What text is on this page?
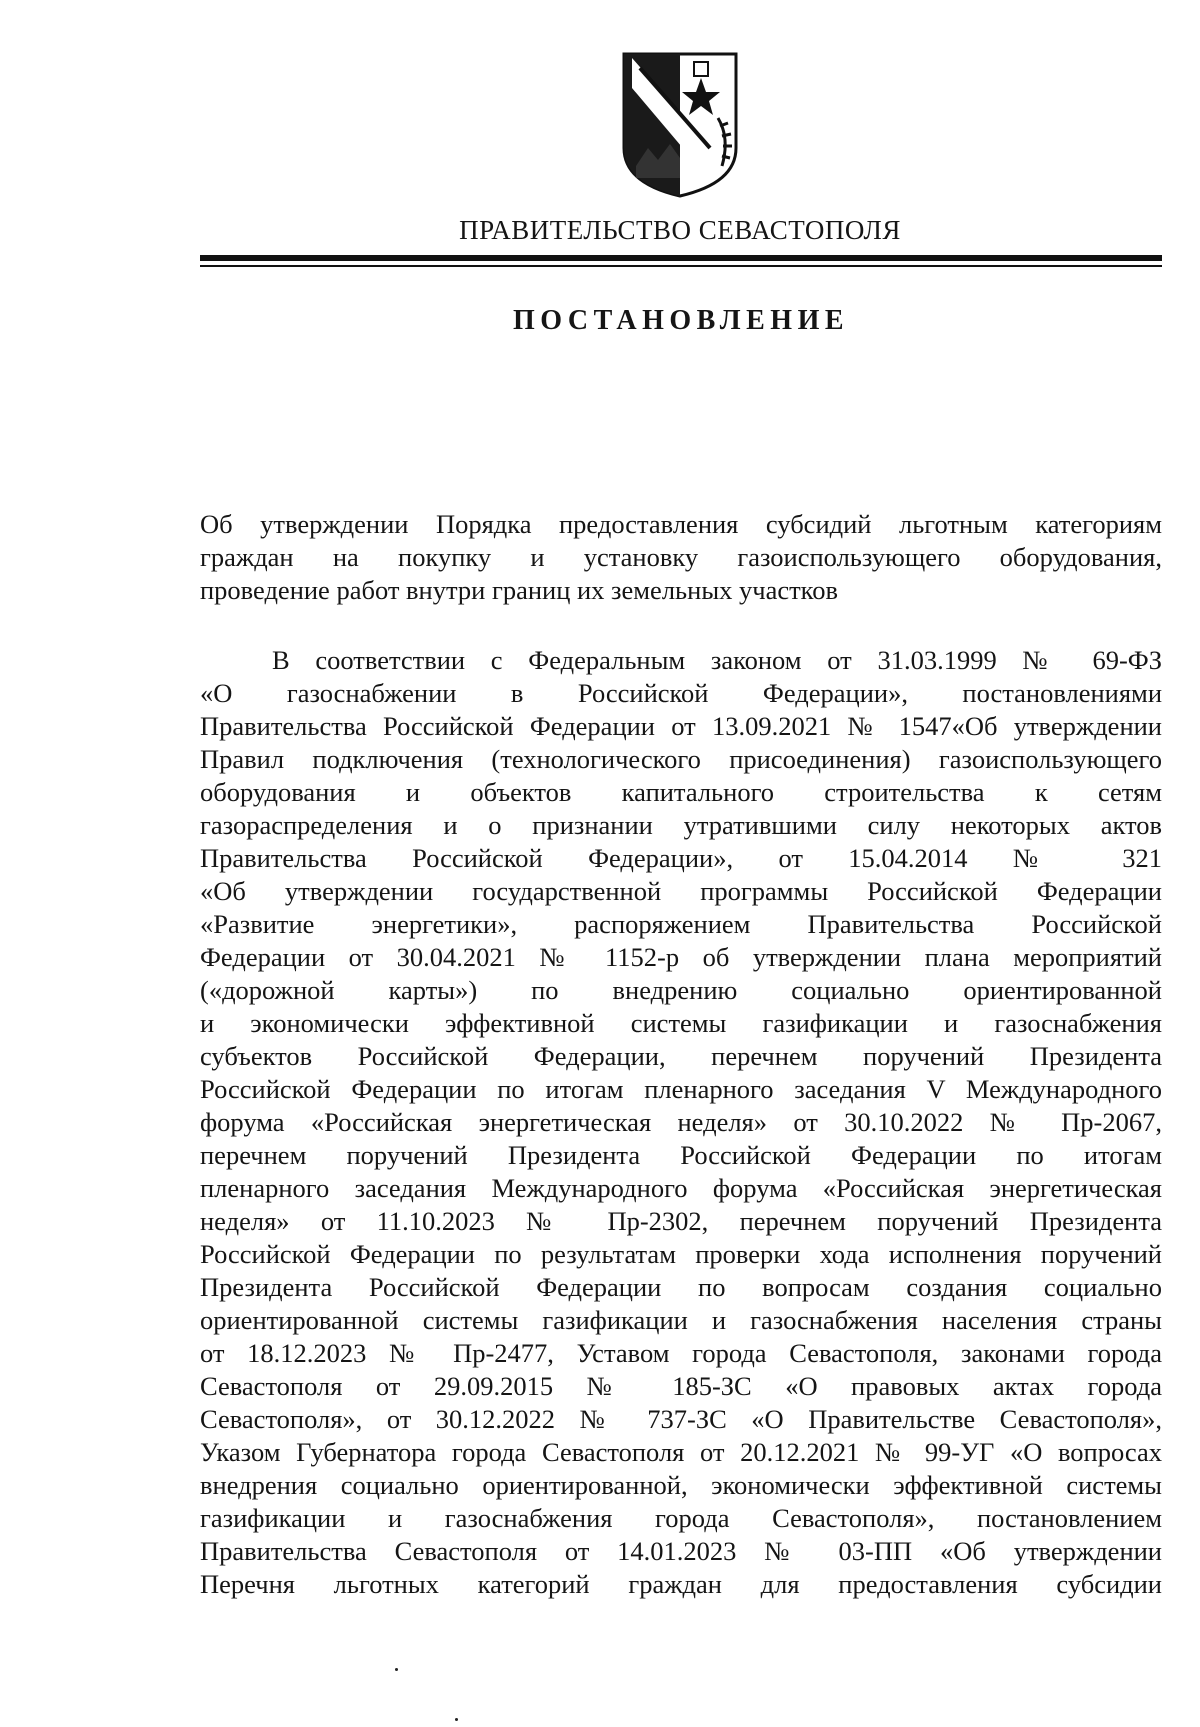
ПРАВИТЕЛЬСТВО СЕВАСТОПОЛЯ
ПОСТАНОВЛЕНИЕ
Об утверждении Порядка предоставления субсидий льготным категориям
граждан на покупку и установку газоиспользующего оборудования,
проведение работ внутри границ их земельных участков
В соответствии с Федеральным законом от 31.03.1999 № 69-ФЗ
«О газоснабжении в Российской Федерации», постановлениями
Правительства Российской Федерации от 13.09.2021 № 1547«Об утверждении
Правил подключения (технологического присоединения) газоиспользующего
оборудования и объектов капитального строительства к сетям
газораспределения и о признании утратившими силу некоторых актов
Правительства Российской Федерации», от 15.04.2014 № 321
«Об утверждении государственной программы Российской Федерации
«Развитие энергетики», распоряжением Правительства Российской
Федерации от 30.04.2021 № 1152-р об утверждении плана мероприятий
(«дорожной карты») по внедрению социально ориентированной
и экономически эффективной системы газификации и газоснабжения
субъектов Российской Федерации, перечнем поручений Президента
Российской Федерации по итогам пленарного заседания V Международного
форума «Российская энергетическая неделя» от 30.10.2022 № Пр-2067,
перечнем поручений Президента Российской Федерации по итогам
пленарного заседания Международного форума «Российская энергетическая
неделя» от 11.10.2023 № Пр-2302, перечнем поручений Президента
Российской Федерации по результатам проверки хода исполнения поручений
Президента Российской Федерации по вопросам создания социально
ориентированной системы газификации и газоснабжения населения страны
от 18.12.2023 № Пр-2477, Уставом города Севастополя, законами города
Севастополя от 29.09.2015 № 185-ЗС «О правовых актах города
Севастополя», от 30.12.2022 № 737-ЗС «О Правительстве Севастополя»,
Указом Губернатора города Севастополя от 20.12.2021 № 99-УГ «О вопросах
внедрения социально ориентированной, экономически эффективной системы
газификации и газоснабжения города Севастополя», постановлением
Правительства Севастополя от 14.01.2023 № 03-ПП «Об утверждении
Перечня льготных категорий граждан для предоставления субсидии
